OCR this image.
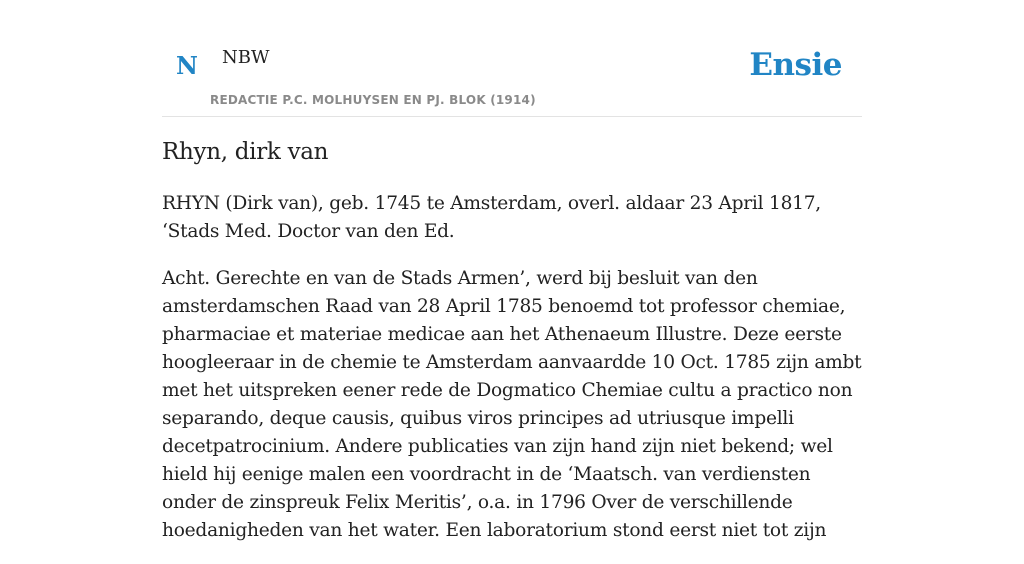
N NBW
REDACTIE P.C. MOLHUYSEN EN PJ. BLOK (1914)
Ensie
Rhyn, dirk van

RHYN (Dirk van), geb. 1745 te Amsterdam, overl. aldaar 23 April 1817, ‘Stads Med. Doctor van den Ed.

Acht. Gerechte en van de Stads Armen’, werd bij besluit van den amsterdamschen Raad van 28 April 1785 benoemd tot professor chemiae, pharmaciae et materiae medicae aan het Athenaeum Illustre. Deze eerste hoogleeraar in de chemie te Amsterdam aanvaardde 10 Oct. 1785 zijn ambt met het uitspreken eener rede de Dogmatico Chemiae cultu a practico non separando, deque causis, quibus viros principes ad utriusque impelli decetpatrocinium. Andere publicaties van zijn hand zijn niet bekend; wel hield hij eenige malen een voordracht in de ‘Maatsch. van verdiensten onder de zinspreuk Felix Meritis’, o.a. in 1796 Over de verschillende hoedanigheden van het water. Een laboratorium stond eerst niet tot zijn
